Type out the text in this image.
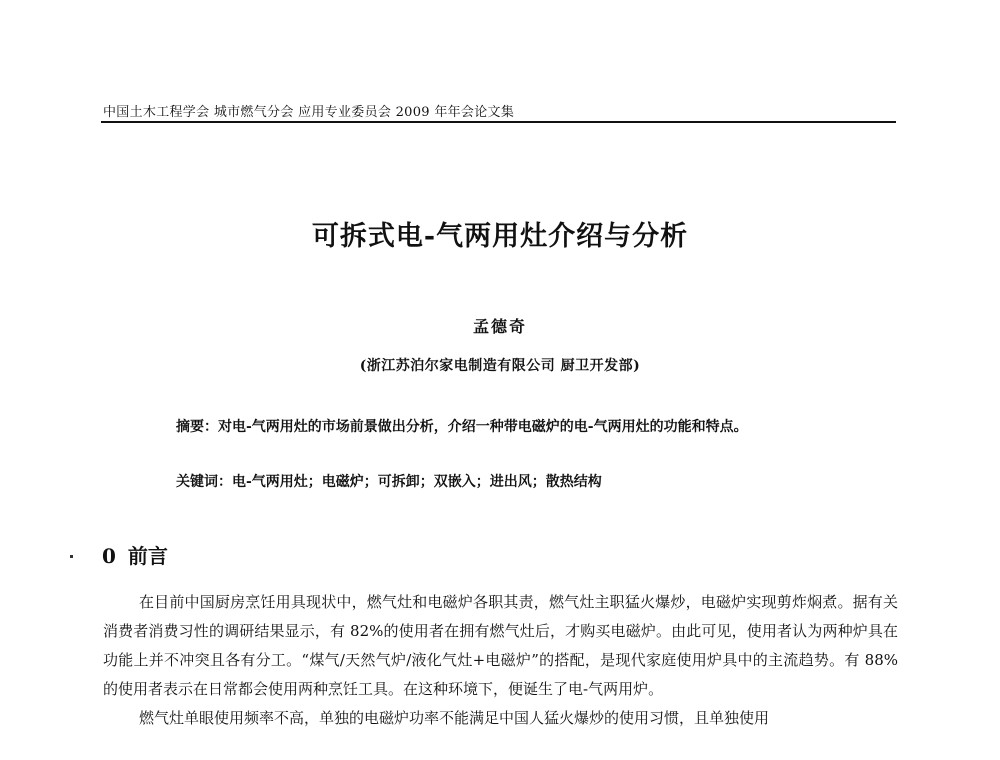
中国土木工程学会 城市燃气分会 应用专业委员会 2009 年年会论文集
可拆式电-气两用灶介绍与分析
孟德奇
(浙江苏泊尔家电制造有限公司 厨卫开发部)

摘要：对电-气两用灶的市场前景做出分析，介绍一种带电磁炉的电-气两用灶的功能和特点。

关键词：电-气两用灶；电磁炉；可拆卸；双嵌入；进出风；散热结构
0 前言

在目前中国厨房烹饪用具现状中，燃气灶和电磁炉各职其责，燃气灶主职猛火爆炒，电磁炉实现剪炸焖煮。据有关消费者消费习性的调研结果显示，有 82%的使用者在拥有燃气灶后，才购买电磁炉。由此可见，使用者认为两种炉具在功能上并不冲突且各有分工。“煤气/天然气炉/液化气灶+电磁炉”的搭配，是现代家庭使用炉具中的主流趋势。有 88%的使用者表示在日常都会使用两种烹饪工具。在这种环境下，便诞生了电-气两用炉。

燃气灶单眼使用频率不高，单独的电磁炉功率不能满足中国人猛火爆炒的使用习惯，且单独使用
